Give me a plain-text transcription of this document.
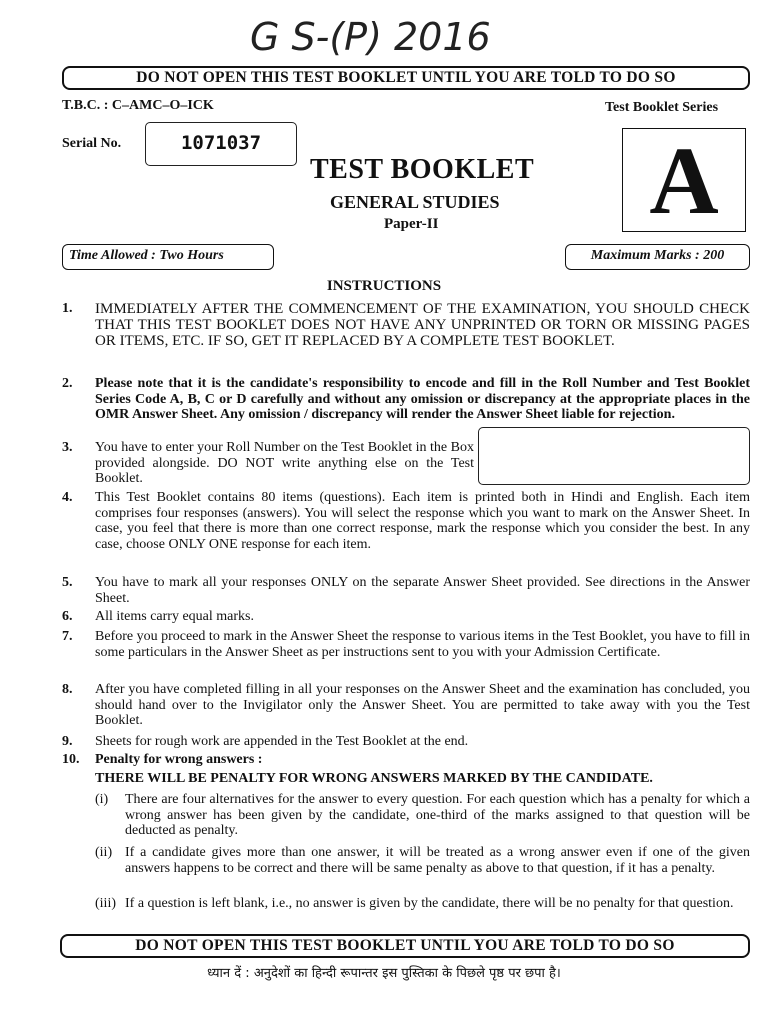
G S-(P) 2016
DO NOT OPEN THIS TEST BOOKLET UNTIL YOU ARE TOLD TO DO SO
T.B.C. : C–AMC–O–ICK	Test Booklet Series
Serial No.	1071037
TEST BOOKLET
GENERAL STUDIES
Paper-II A
Time Allowed : Two Hours	Maximum Marks : 200
INSTRUCTIONS
1. IMMEDIATELY AFTER THE COMMENCEMENT OF THE EXAMINATION, YOU SHOULD CHECK THAT THIS TEST BOOKLET DOES NOT HAVE ANY UNPRINTED OR TORN OR MISSING PAGES OR ITEMS, ETC. IF SO, GET IT REPLACED BY A COMPLETE TEST BOOKLET.
2. Please note that it is the candidate's responsibility to encode and fill in the Roll Number and Test Booklet Series Code A, B, C or D carefully and without any omission or discrepancy at the appropriate places in the OMR Answer Sheet. Any omission / discrepancy will render the Answer Sheet liable for rejection.
3. You have to enter your Roll Number on the Test Booklet in the Box provided alongside. DO NOT write anything else on the Test Booklet.
4. This Test Booklet contains 80 items (questions). Each item is printed both in Hindi and English. Each item comprises four responses (answers). You will select the response which you want to mark on the Answer Sheet. In case, you feel that there is more than one correct response, mark the response which you consider the best. In any case, choose ONLY ONE response for each item.
5. You have to mark all your responses ONLY on the separate Answer Sheet provided. See directions in the Answer Sheet.
6. All items carry equal marks.
7. Before you proceed to mark in the Answer Sheet the response to various items in the Test Booklet, you have to fill in some particulars in the Answer Sheet as per instructions sent to you with your Admission Certificate.
8. After you have completed filling in all your responses on the Answer Sheet and the examination has concluded, you should hand over to the Invigilator only the Answer Sheet. You are permitted to take away with you the Test Booklet.
9. Sheets for rough work are appended in the Test Booklet at the end.
10. Penalty for wrong answers :
THERE WILL BE PENALTY FOR WRONG ANSWERS MARKED BY THE CANDIDATE.
(i) There are four alternatives for the answer to every question. For each question which has a penalty for which a wrong answer has been given by the candidate, one-third of the marks assigned to that question will be deducted as penalty.
(ii) If a candidate gives more than one answer, it will be treated as a wrong answer even if one of the given answers happens to be correct and there will be same penalty as above to that question, if it has a penalty.
(iii) If a question is left blank, i.e., no answer is given by the candidate, there will be no penalty for that question.
DO NOT OPEN THIS TEST BOOKLET UNTIL YOU ARE TOLD TO DO SO
ध्यान दें : अनुदेशों का हिन्दी रूपान्तर इस पुस्तिका के पिछले पृष्ठ पर छपा है।
